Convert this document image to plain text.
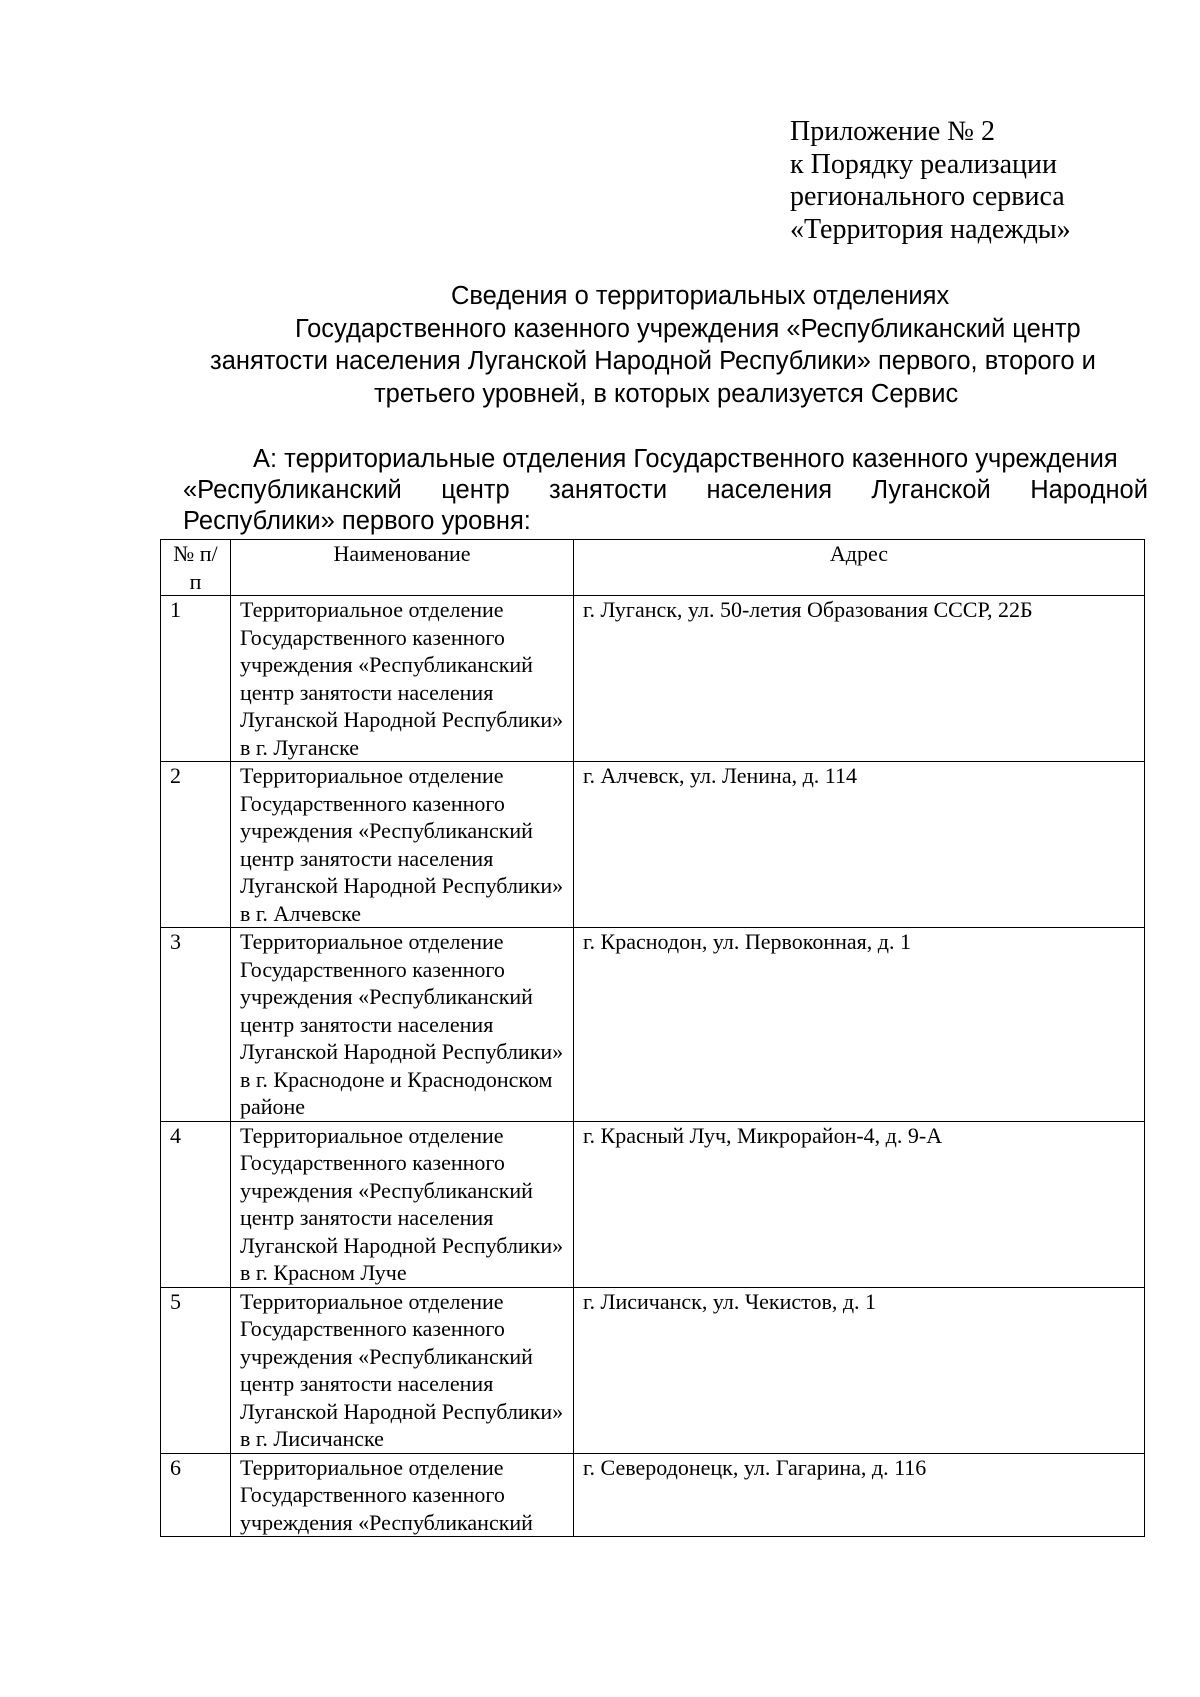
Приложение № 2
к Порядку реализации
регионального сервиса
«Территория надежды»
Сведения о территориальных отделениях
Государственного казенного учреждения «Республиканский центр
занятости населения Луганской Народной Республики» первого, второго и
третьего уровней, в которых реализуется Сервис
А: территориальные отделения Государственного казенного учреждения
«Республиканский центр занятости населения Луганской Народной
Республики» первого уровня:
№ п/п	Наименование	Адрес
1	Территориальное отделение Государственного казенного учреждения «Республиканский центр занятости населения Луганской Народной Республики» в г. Луганске	г. Луганск, ул. 50-летия Образования СССР, 22Б
2	Территориальное отделение Государственного казенного учреждения «Республиканский центр занятости населения Луганской Народной Республики» в г. Алчевске	г. Алчевск, ул. Ленина, д. 114
3	Территориальное отделение Государственного казенного учреждения «Республиканский центр занятости населения Луганской Народной Республики» в г. Краснодоне и Краснодонском районе	г. Краснодон, ул. Первоконная, д. 1
4	Территориальное отделение Государственного казенного учреждения «Республиканский центр занятости населения Луганской Народной Республики» в г. Красном Луче	г. Красный Луч, Микрорайон-4, д. 9-А
5	Территориальное отделение Государственного казенного учреждения «Республиканский центр занятости населения Луганской Народной Республики» в г. Лисичанске	г. Лисичанск, ул. Чекистов, д. 1
6	Территориальное отделение Государственного казенного учреждения «Республиканский	г. Северодонецк, ул. Гагарина, д. 116
